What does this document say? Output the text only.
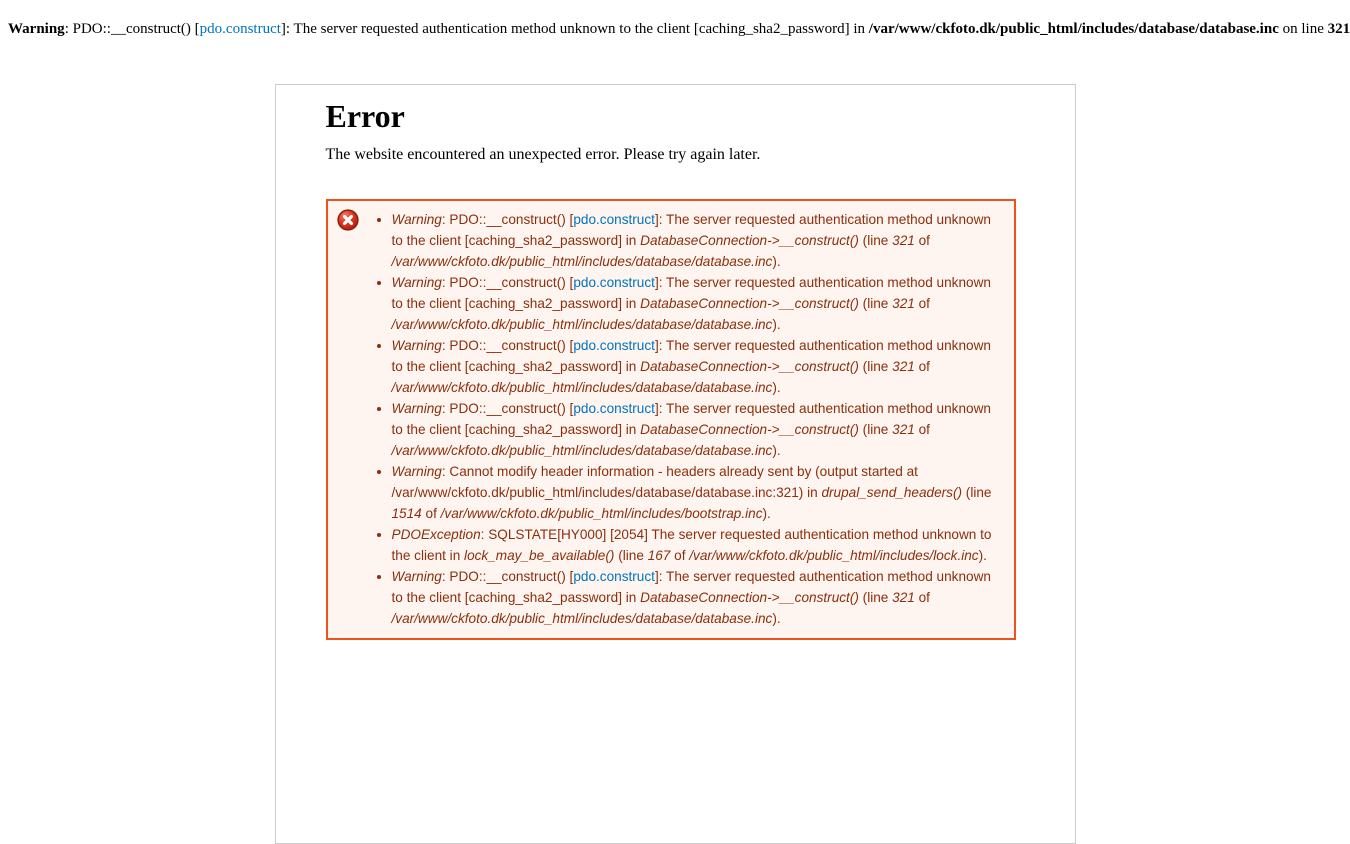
Warning: PDO::__construct() [pdo.construct]: The server requested authentication method unknown to the client [caching_sha2_password] in /var/www/ckfoto.dk/public_html/includes/database/database.inc on line 321
Error

The website encountered an unexpected error. Please try again later.

• Warning: PDO::__construct() [pdo.construct]: The server requested authentication method unknown to the client [caching_sha2_password] in DatabaseConnection->__construct() (line 321 of /var/www/ckfoto.dk/public_html/includes/database/database.inc).
• Warning: PDO::__construct() [pdo.construct]: The server requested authentication method unknown to the client [caching_sha2_password] in DatabaseConnection->__construct() (line 321 of /var/www/ckfoto.dk/public_html/includes/database/database.inc).
• Warning: PDO::__construct() [pdo.construct]: The server requested authentication method unknown to the client [caching_sha2_password] in DatabaseConnection->__construct() (line 321 of /var/www/ckfoto.dk/public_html/includes/database/database.inc).
• Warning: PDO::__construct() [pdo.construct]: The server requested authentication method unknown to the client [caching_sha2_password] in DatabaseConnection->__construct() (line 321 of /var/www/ckfoto.dk/public_html/includes/database/database.inc).
• Warning: Cannot modify header information - headers already sent by (output started at /var/www/ckfoto.dk/public_html/includes/database/database.inc:321) in drupal_send_headers() (line 1514 of /var/www/ckfoto.dk/public_html/includes/bootstrap.inc).
• PDOException: SQLSTATE[HY000] [2054] The server requested authentication method unknown to the client in lock_may_be_available() (line 167 of /var/www/ckfoto.dk/public_html/includes/lock.inc).
• Warning: PDO::__construct() [pdo.construct]: The server requested authentication method unknown to the client [caching_sha2_password] in DatabaseConnection->__construct() (line 321 of /var/www/ckfoto.dk/public_html/includes/database/database.inc).
